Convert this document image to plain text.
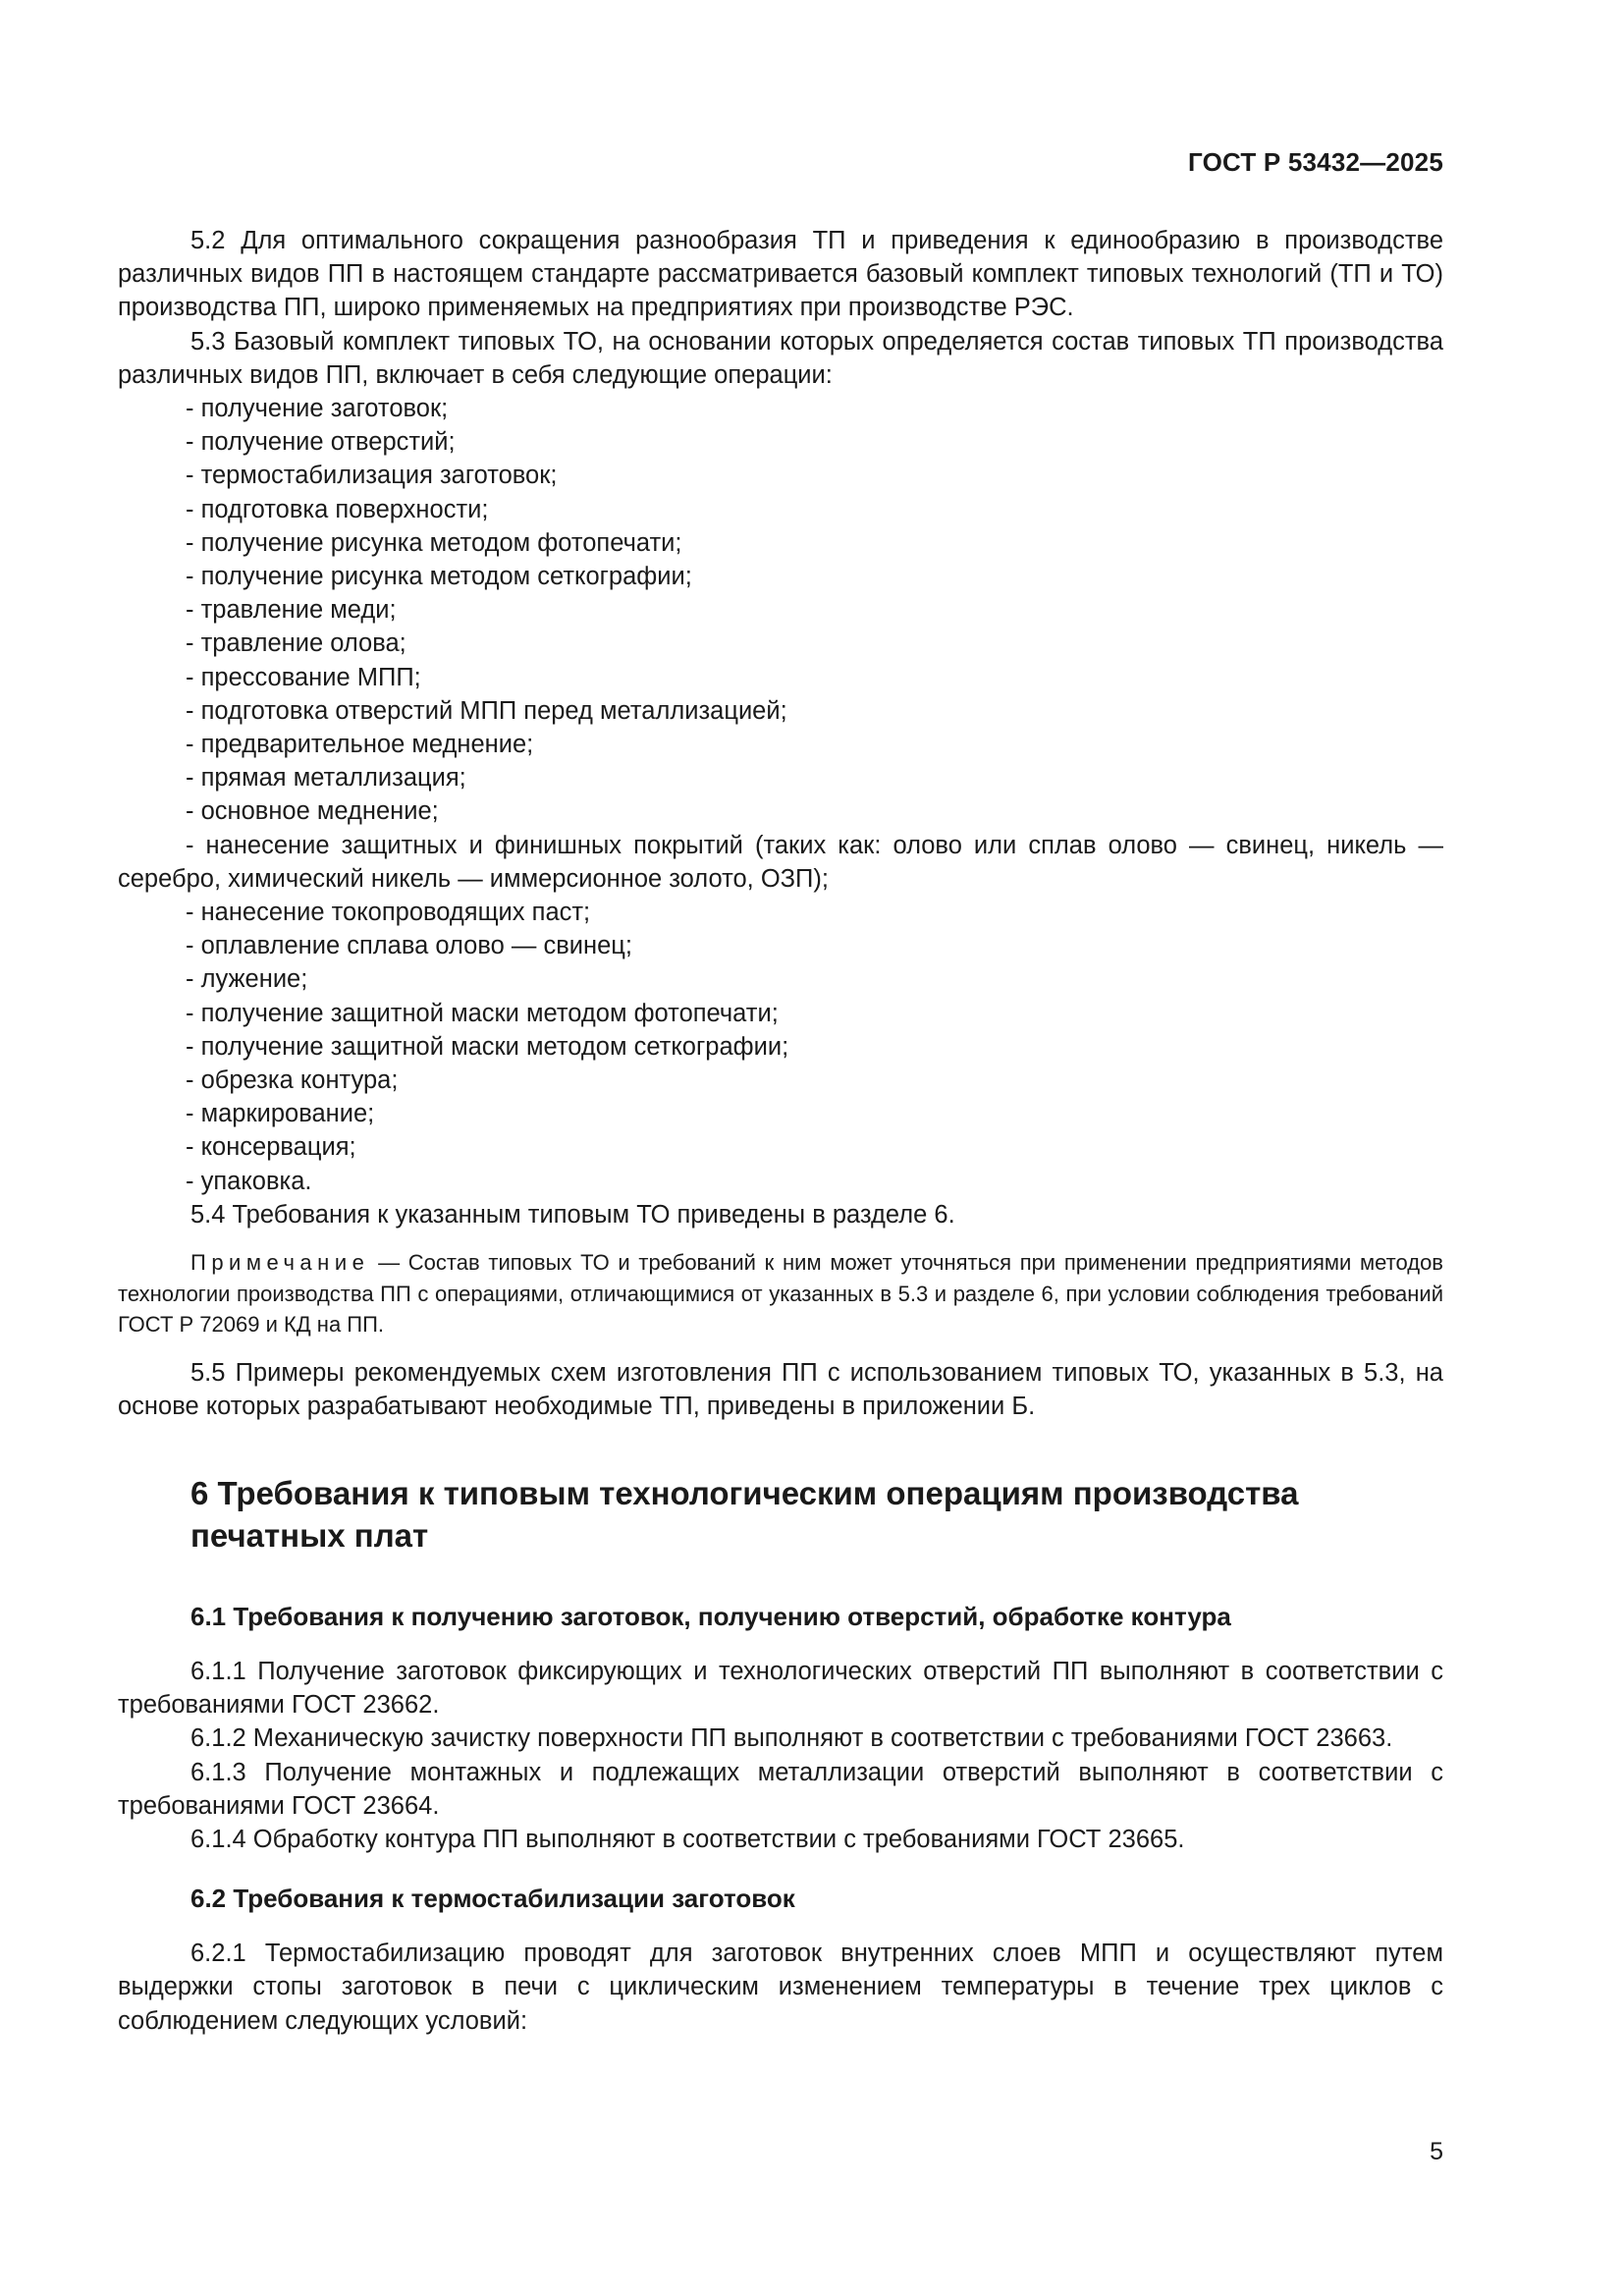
ГОСТ Р 53432—2025

5.2 Для оптимального сокращения разнообразия ТП и приведения к единообразию в производстве различных видов ПП в настоящем стандарте рассматривается базовый комплект типовых технологий (ТП и ТО) производства ПП, широко применяемых на предприятиях при производстве РЭС.

5.3 Базовый комплект типовых ТО, на основании которых определяется состав типовых ТП производства различных видов ПП, включает в себя следующие операции:

- получение заготовок;
- получение отверстий;
- термостабилизация заготовок;
- подготовка поверхности;
- получение рисунка методом фотопечати;
- получение рисунка методом сеткографии;
- травление меди;
- травление олова;
- прессование МПП;
- подготовка отверстий МПП перед металлизацией;
- предварительное меднение;
- прямая металлизация;
- основное меднение;
- нанесение защитных и финишных покрытий (таких как: олово или сплав олово — свинец, никель — серебро, химический никель — иммерсионное золото, ОЗП);
- нанесение токопроводящих паст;
- оплавление сплава олово — свинец;
- лужение;
- получение защитной маски методом фотопечати;
- получение защитной маски методом сеткографии;
- обрезка контура;
- маркирование;
- консервация;
- упаковка.

5.4 Требования к указанным типовым ТО приведены в разделе 6.

Примечание — Состав типовых ТО и требований к ним может уточняться при применении предприятиями методов технологии производства ПП с операциями, отличающимися от указанных в 5.3 и разделе 6, при условии соблюдения требований ГОСТ Р 72069 и КД на ПП.

5.5 Примеры рекомендуемых схем изготовления ПП с использованием типовых ТО, указанных в 5.3, на основе которых разрабатывают необходимые ТП, приведены в приложении Б.

6 Требования к типовым технологическим операциям производства
печатных плат
6.1 Требования к получению заготовок, получению отверстий, обработке контура

6.1.1 Получение заготовок фиксирующих и технологических отверстий ПП выполняют в соответствии с требованиями ГОСТ 23662.

6.1.2 Механическую зачистку поверхности ПП выполняют в соответствии с требованиями ГОСТ 23663.

6.1.3 Получение монтажных и подлежащих металлизации отверстий выполняют в соответствии с требованиями ГОСТ 23664.

6.1.4 Обработку контура ПП выполняют в соответствии с требованиями ГОСТ 23665.

6.2 Требования к термостабилизации заготовок

6.2.1 Термостабилизацию проводят для заготовок внутренних слоев МПП и осуществляют путем выдержки стопы заготовок в печи с циклическим изменением температуры в течение трех циклов с соблюдением следующих условий:

5
